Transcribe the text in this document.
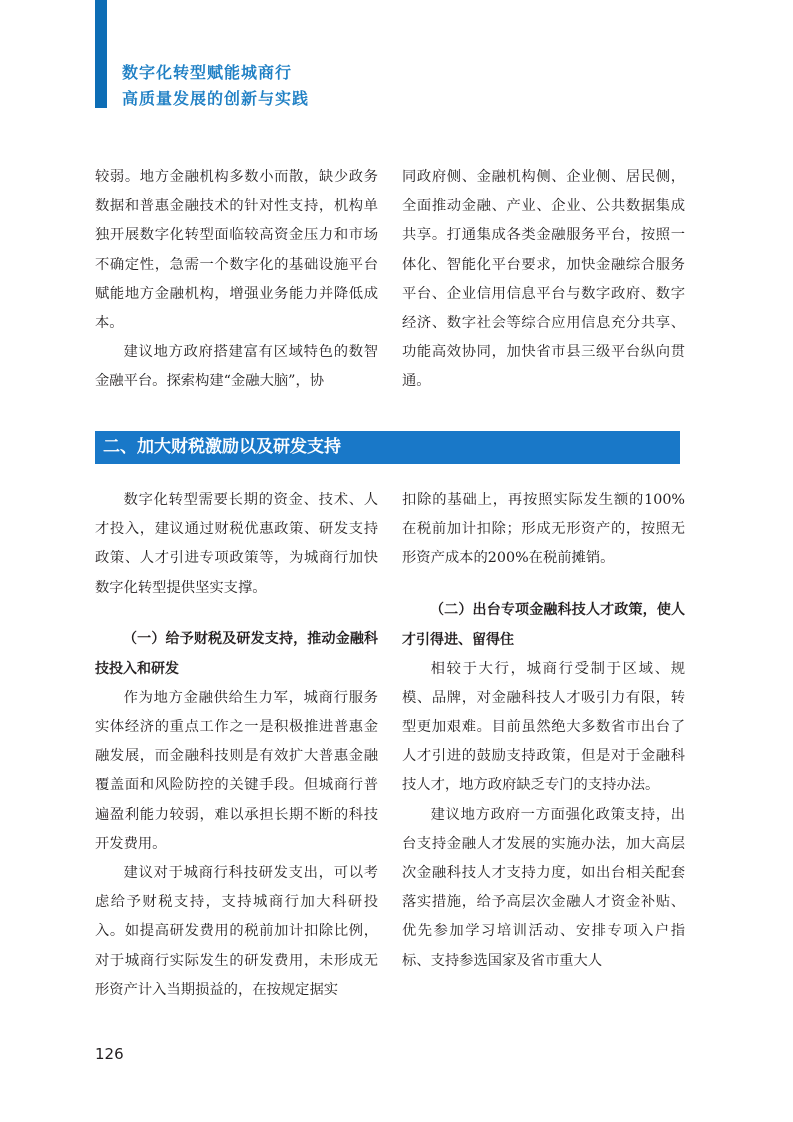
数字化转型赋能城商行
高质量发展的创新与实践

较弱。地方金融机构多数小而散，缺少政务数据和普惠金融技术的针对性支持，机构单独开展数字化转型面临较高资金压力和市场不确定性，急需一个数字化的基础设施平台赋能地方金融机构，增强业务能力并降低成本。

建议地方政府搭建富有区域特色的数智金融平台。探索构建“金融大脑”，协

同政府侧、金融机构侧、企业侧、居民侧，全面推动金融、产业、企业、公共数据集成共享。打通集成各类金融服务平台，按照一体化、智能化平台要求，加快金融综合服务平台、企业信用信息平台与数字政府、数字经济、数字社会等综合应用信息充分共享、功能高效协同，加快省市县三级平台纵向贯通。

二、加大财税激励以及研发支持

数字化转型需要长期的资金、技术、人才投入，建议通过财税优惠政策、研发支持政策、人才引进专项政策等，为城商行加快数字化转型提供坚实支撑。

（一）给予财税及研发支持，推动金融科技投入和研发

作为地方金融供给生力军，城商行服务实体经济的重点工作之一是积极推进普惠金融发展，而金融科技则是有效扩大普惠金融覆盖面和风险防控的关键手段。但城商行普遍盈利能力较弱，难以承担长期不断的科技开发费用。

建议对于城商行科技研发支出，可以考虑给予财税支持，支持城商行加大科研投入。如提高研发费用的税前加计扣除比例，对于城商行实际发生的研发费用，未形成无形资产计入当期损益的，在按规定据实

扣除的基础上，再按照实际发生额的100%在税前加计扣除；形成无形资产的，按照无形资产成本的200%在税前摊销。

（二）出台专项金融科技人才政策，使人才引得进、留得住

相较于大行，城商行受制于区域、规模、品牌，对金融科技人才吸引力有限，转型更加艰难。目前虽然绝大多数省市出台了人才引进的鼓励支持政策，但是对于金融科技人才，地方政府缺乏专门的支持办法。

建议地方政府一方面强化政策支持，出台支持金融人才发展的实施办法，加大高层次金融科技人才支持力度，如出台相关配套落实措施，给予高层次金融人才资金补贴、优先参加学习培训活动、安排专项入户指标、支持参选国家及省市重大人

126
